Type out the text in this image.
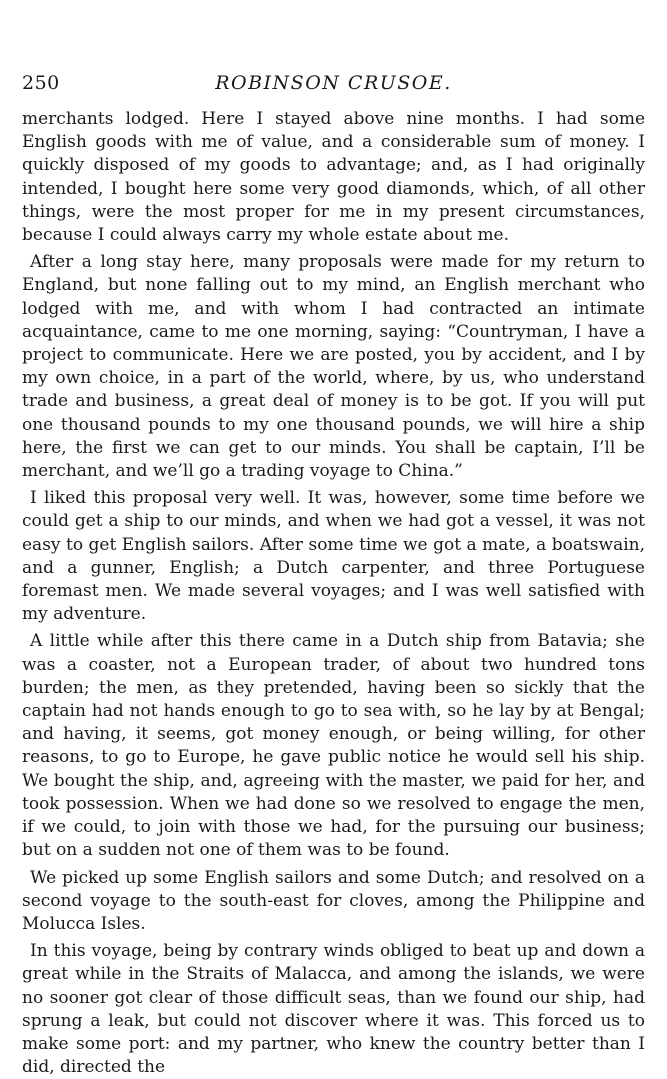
250	ROBINSON CRUSOE.

merchants lodged. Here I stayed above nine months. I had some English goods with me of value, and a considerable sum of money. I quickly disposed of my goods to advantage; and, as I had originally intended, I bought here some very good diamonds, which, of all other things, were the most proper for me in my present circumstances, because I could always carry my whole estate about me.

After a long stay here, many proposals were made for my return to England, but none falling out to my mind, an English merchant who lodged with me, and with whom I had contracted an intimate acquaintance, came to me one morning, saying: “Countryman, I have a project to communicate. Here we are posted, you by accident, and I by my own choice, in a part of the world, where, by us, who understand trade and business, a great deal of money is to be got. If you will put one thousand pounds to my one thousand pounds, we will hire a ship here, the first we can get to our minds. You shall be captain, I’ll be merchant, and we’ll go a trading voyage to China.”

I liked this proposal very well. It was, however, some time before we could get a ship to our minds, and when we had got a vessel, it was not easy to get English sailors. After some time we got a mate, a boatswain, and a gunner, English; a Dutch carpenter, and three Portuguese foremast men. We made several voyages; and I was well satisfied with my adventure.

A little while after this there came in a Dutch ship from Batavia; she was a coaster, not a European trader, of about two hundred tons burden; the men, as they pretended, having been so sickly that the captain had not hands enough to go to sea with, so he lay by at Bengal; and having, it seems, got money enough, or being willing, for other reasons, to go to Europe, he gave public notice he would sell his ship. We bought the ship, and, agreeing with the master, we paid for her, and took possession. When we had done so we resolved to engage the men, if we could, to join with those we had, for the pursuing our business; but on a sudden not one of them was to be found.

We picked up some English sailors and some Dutch; and resolved on a second voyage to the south-east for cloves, among the Philippine and Molucca Isles.

In this voyage, being by contrary winds obliged to beat up and down a great while in the Straits of Malacca, and among the islands, we were no sooner got clear of those difficult seas, than we found our ship, had sprung a leak, but could not discover where it was. This forced us to make some port: and my partner, who knew the country better than I did, directed the
